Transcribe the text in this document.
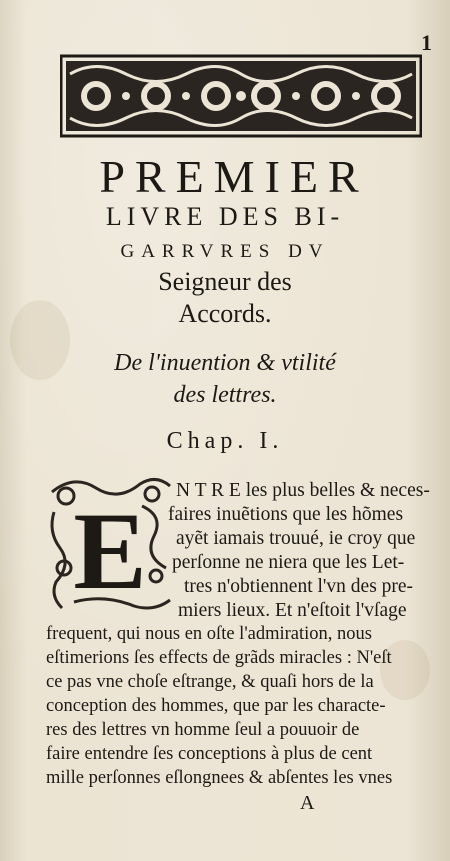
1
PREMIER
LIVRE DES BI-
GARRVRES DV
Seigneur des
Accords.
De l'inuention & vtilité
des lettres.
Chap. I.
E N T R E les plus belles & neces-
faires inuẽtions que les hõmes
ayẽt iamais trouué, ie croy que
perſonne ne niera que les Let-
tres n'obtiennent l'vn des pre-
miers lieux. Et n'eſtoit l'vſage
frequent, qui nous en oſte l'admiration, nous
eſtimerions ſes effects de grãds miracles : N'eſt
ce pas vne choſe eſtrange, & quaſi hors de la
conception des hommes, que par les characte-
res des lettres vn homme ſeul a pouuoir de
faire entendre ſes conceptions à plus de cent
mille perſonnes eſlongnees & abſentes les vnes
A
